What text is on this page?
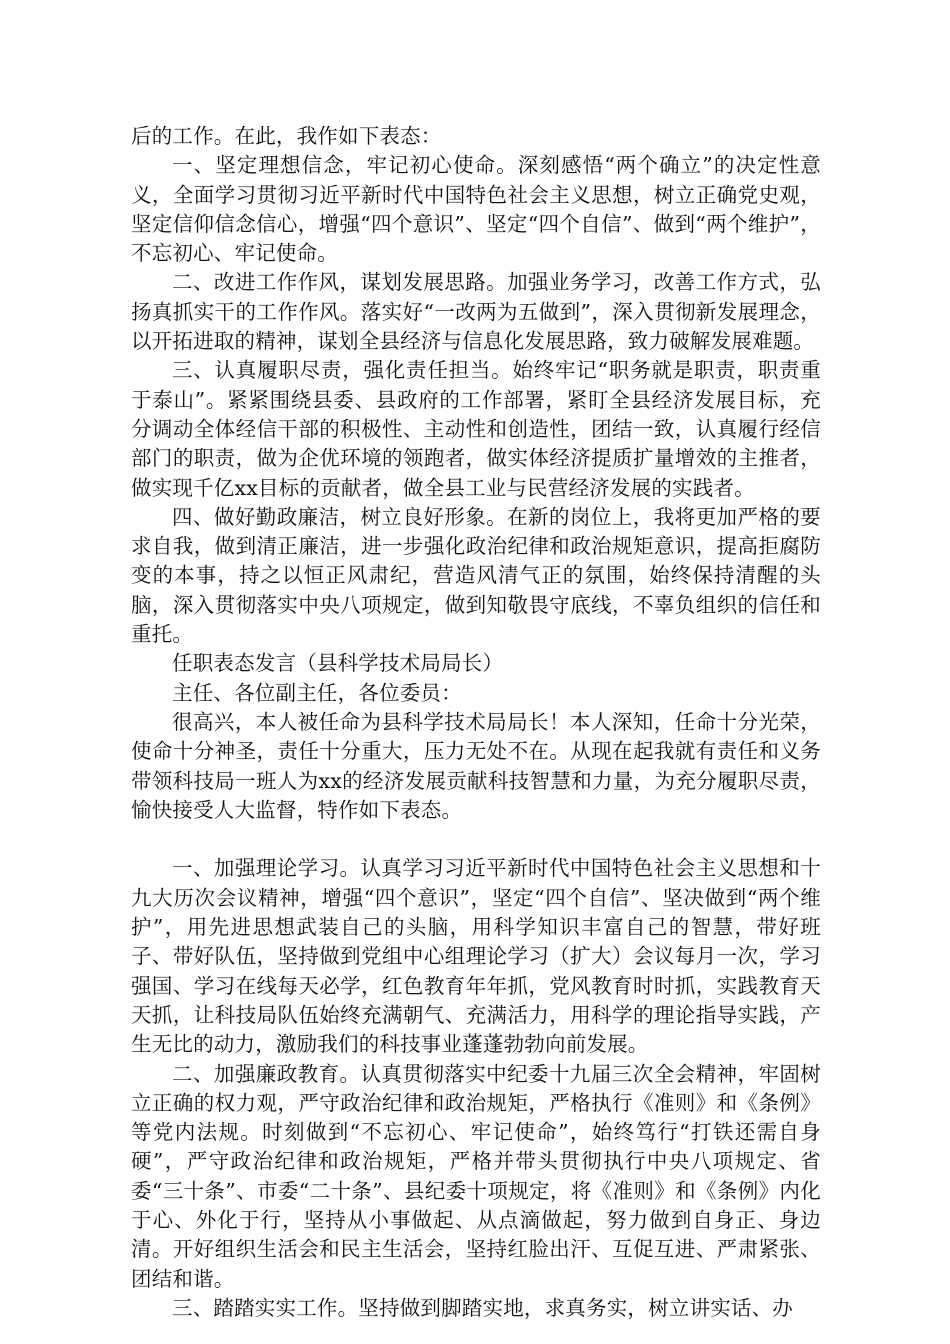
后的工作。在此，我作如下表态：

一、坚定理想信念，牢记初心使命。深刻感悟“两个确立”的决定性意义，全面学习贯彻习近平新时代中国特色社会主义思想，树立正确党史观，坚定信仰信念信心，增强“四个意识”、坚定“四个自信”、做到“两个维护”，不忘初心、牢记使命。

二、改进工作作风，谋划发展思路。加强业务学习，改善工作方式，弘扬真抓实干的工作作风。落实好“一改两为五做到”，深入贯彻新发展理念，以开拓进取的精神，谋划全县经济与信息化发展思路，致力破解发展难题。

三、认真履职尽责，强化责任担当。始终牢记“职务就是职责，职责重于泰山”。紧紧围绕县委、县政府的工作部署，紧盯全县经济发展目标，充分调动全体经信干部的积极性、主动性和创造性，团结一致，认真履行经信部门的职责，做为企优环境的领跑者，做实体经济提质扩量增效的主推者，做实现千亿xx目标的贡献者，做全县工业与民营经济发展的实践者。

四、做好勤政廉洁，树立良好形象。在新的岗位上，我将更加严格的要求自我，做到清正廉洁，进一步强化政治纪律和政治规矩意识，提高拒腐防变的本事，持之以恒正风肃纪，营造风清气正的氛围，始终保持清醒的头脑，深入贯彻落实中央八项规定，做到知敬畏守底线，不辜负组织的信任和重托。

任职表态发言（县科学技术局局长）

主任、各位副主任，各位委员：

很高兴，本人被任命为县科学技术局局长！本人深知，任命十分光荣，使命十分神圣，责任十分重大，压力无处不在。从现在起我就有责任和义务带领科技局一班人为xx的经济发展贡献科技智慧和力量，为充分履职尽责，愉快接受人大监督，特作如下表态。

一、加强理论学习。认真学习习近平新时代中国特色社会主义思想和十九大历次会议精神，增强“四个意识”，坚定“四个自信”、坚决做到“两个维护”，用先进思想武装自己的头脑，用科学知识丰富自己的智慧，带好班子、带好队伍，坚持做到党组中心组理论学习（扩大）会议每月一次，学习强国、学习在线每天必学，红色教育年年抓，党风教育时时抓，实践教育天天抓，让科技局队伍始终充满朝气、充满活力，用科学的理论指导实践，产生无比的动力，激励我们的科技事业蓬蓬勃勃向前发展。

二、加强廉政教育。认真贯彻落实中纪委十九届三次全会精神，牢固树立正确的权力观，严守政治纪律和政治规矩，严格执行《准则》和《条例》等党内法规。时刻做到“不忘初心、牢记使命”，始终笃行“打铁还需自身硬”，严守政治纪律和政治规矩，严格并带头贯彻执行中央八项规定、省委“三十条”、市委“二十条”、县纪委十项规定，将《准则》和《条例》内化于心、外化于行，坚持从小事做起、从点滴做起，努力做到自身正、身边清。开好组织生活会和民主生活会，坚持红脸出汗、互促互进、严肃紧张、团结和谐。

三、踏踏实实工作。坚持做到脚踏实地，求真务实，树立讲实话、办
